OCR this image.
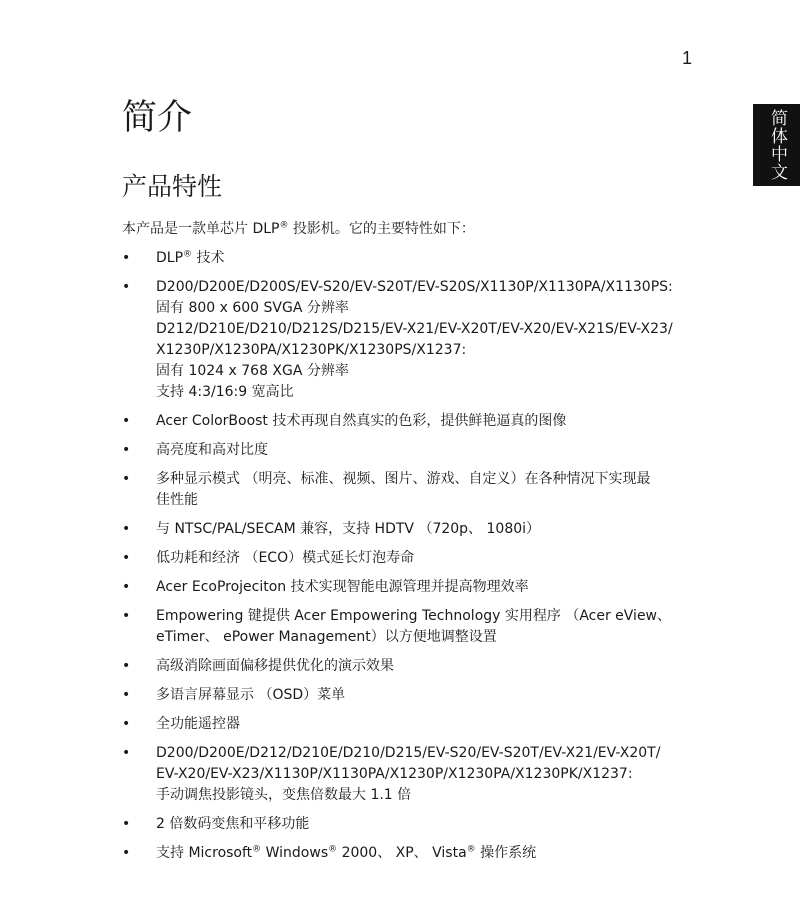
1
简体中文
简介
产品特性

本产品是一款单芯片 DLP® 投影机。它的主要特性如下：

• DLP® 技术
• D200/D200E/D200S/EV-S20/EV-S20T/EV-S20S/X1130P/X1130PA/X1130PS:
固有 800 x 600 SVGA 分辨率
D212/D210E/D210/D212S/D215/EV-X21/EV-X20T/EV-X20/EV-X21S/EV-X23/
X1230P/X1230PA/X1230PK/X1230PS/X1237:
固有 1024 x 768 XGA 分辨率
支持 4:3/16:9 宽高比
• Acer ColorBoost 技术再现自然真实的色彩，提供鲜艳逼真的图像
• 高亮度和高对比度
• 多种显示模式 （明亮、标准、视频、图片、游戏、自定义）在各种情况下实现最
佳性能
• 与 NTSC/PAL/SECAM 兼容，支持 HDTV （720p、 1080i）
• 低功耗和经济 （ECO）模式延长灯泡寿命
• Acer EcoProjeciton 技术实现智能电源管理并提高物理效率
• Empowering 键提供 Acer Empowering Technology 实用程序 （Acer eView、
eTimer、 ePower Management）以方便地调整设置
• 高级消除画面偏移提供优化的演示效果
• 多语言屏幕显示 （OSD）菜单
• 全功能遥控器
• D200/D200E/D212/D210E/D210/D215/EV-S20/EV-S20T/EV-X21/EV-X20T/
EV-X20/EV-X23/X1130P/X1130PA/X1230P/X1230PA/X1230PK/X1237:
手动调焦投影镜头，变焦倍数最大 1.1 倍
• 2 倍数码变焦和平移功能
• 支持 Microsoft® Windows® 2000、 XP、 Vista® 操作系统
